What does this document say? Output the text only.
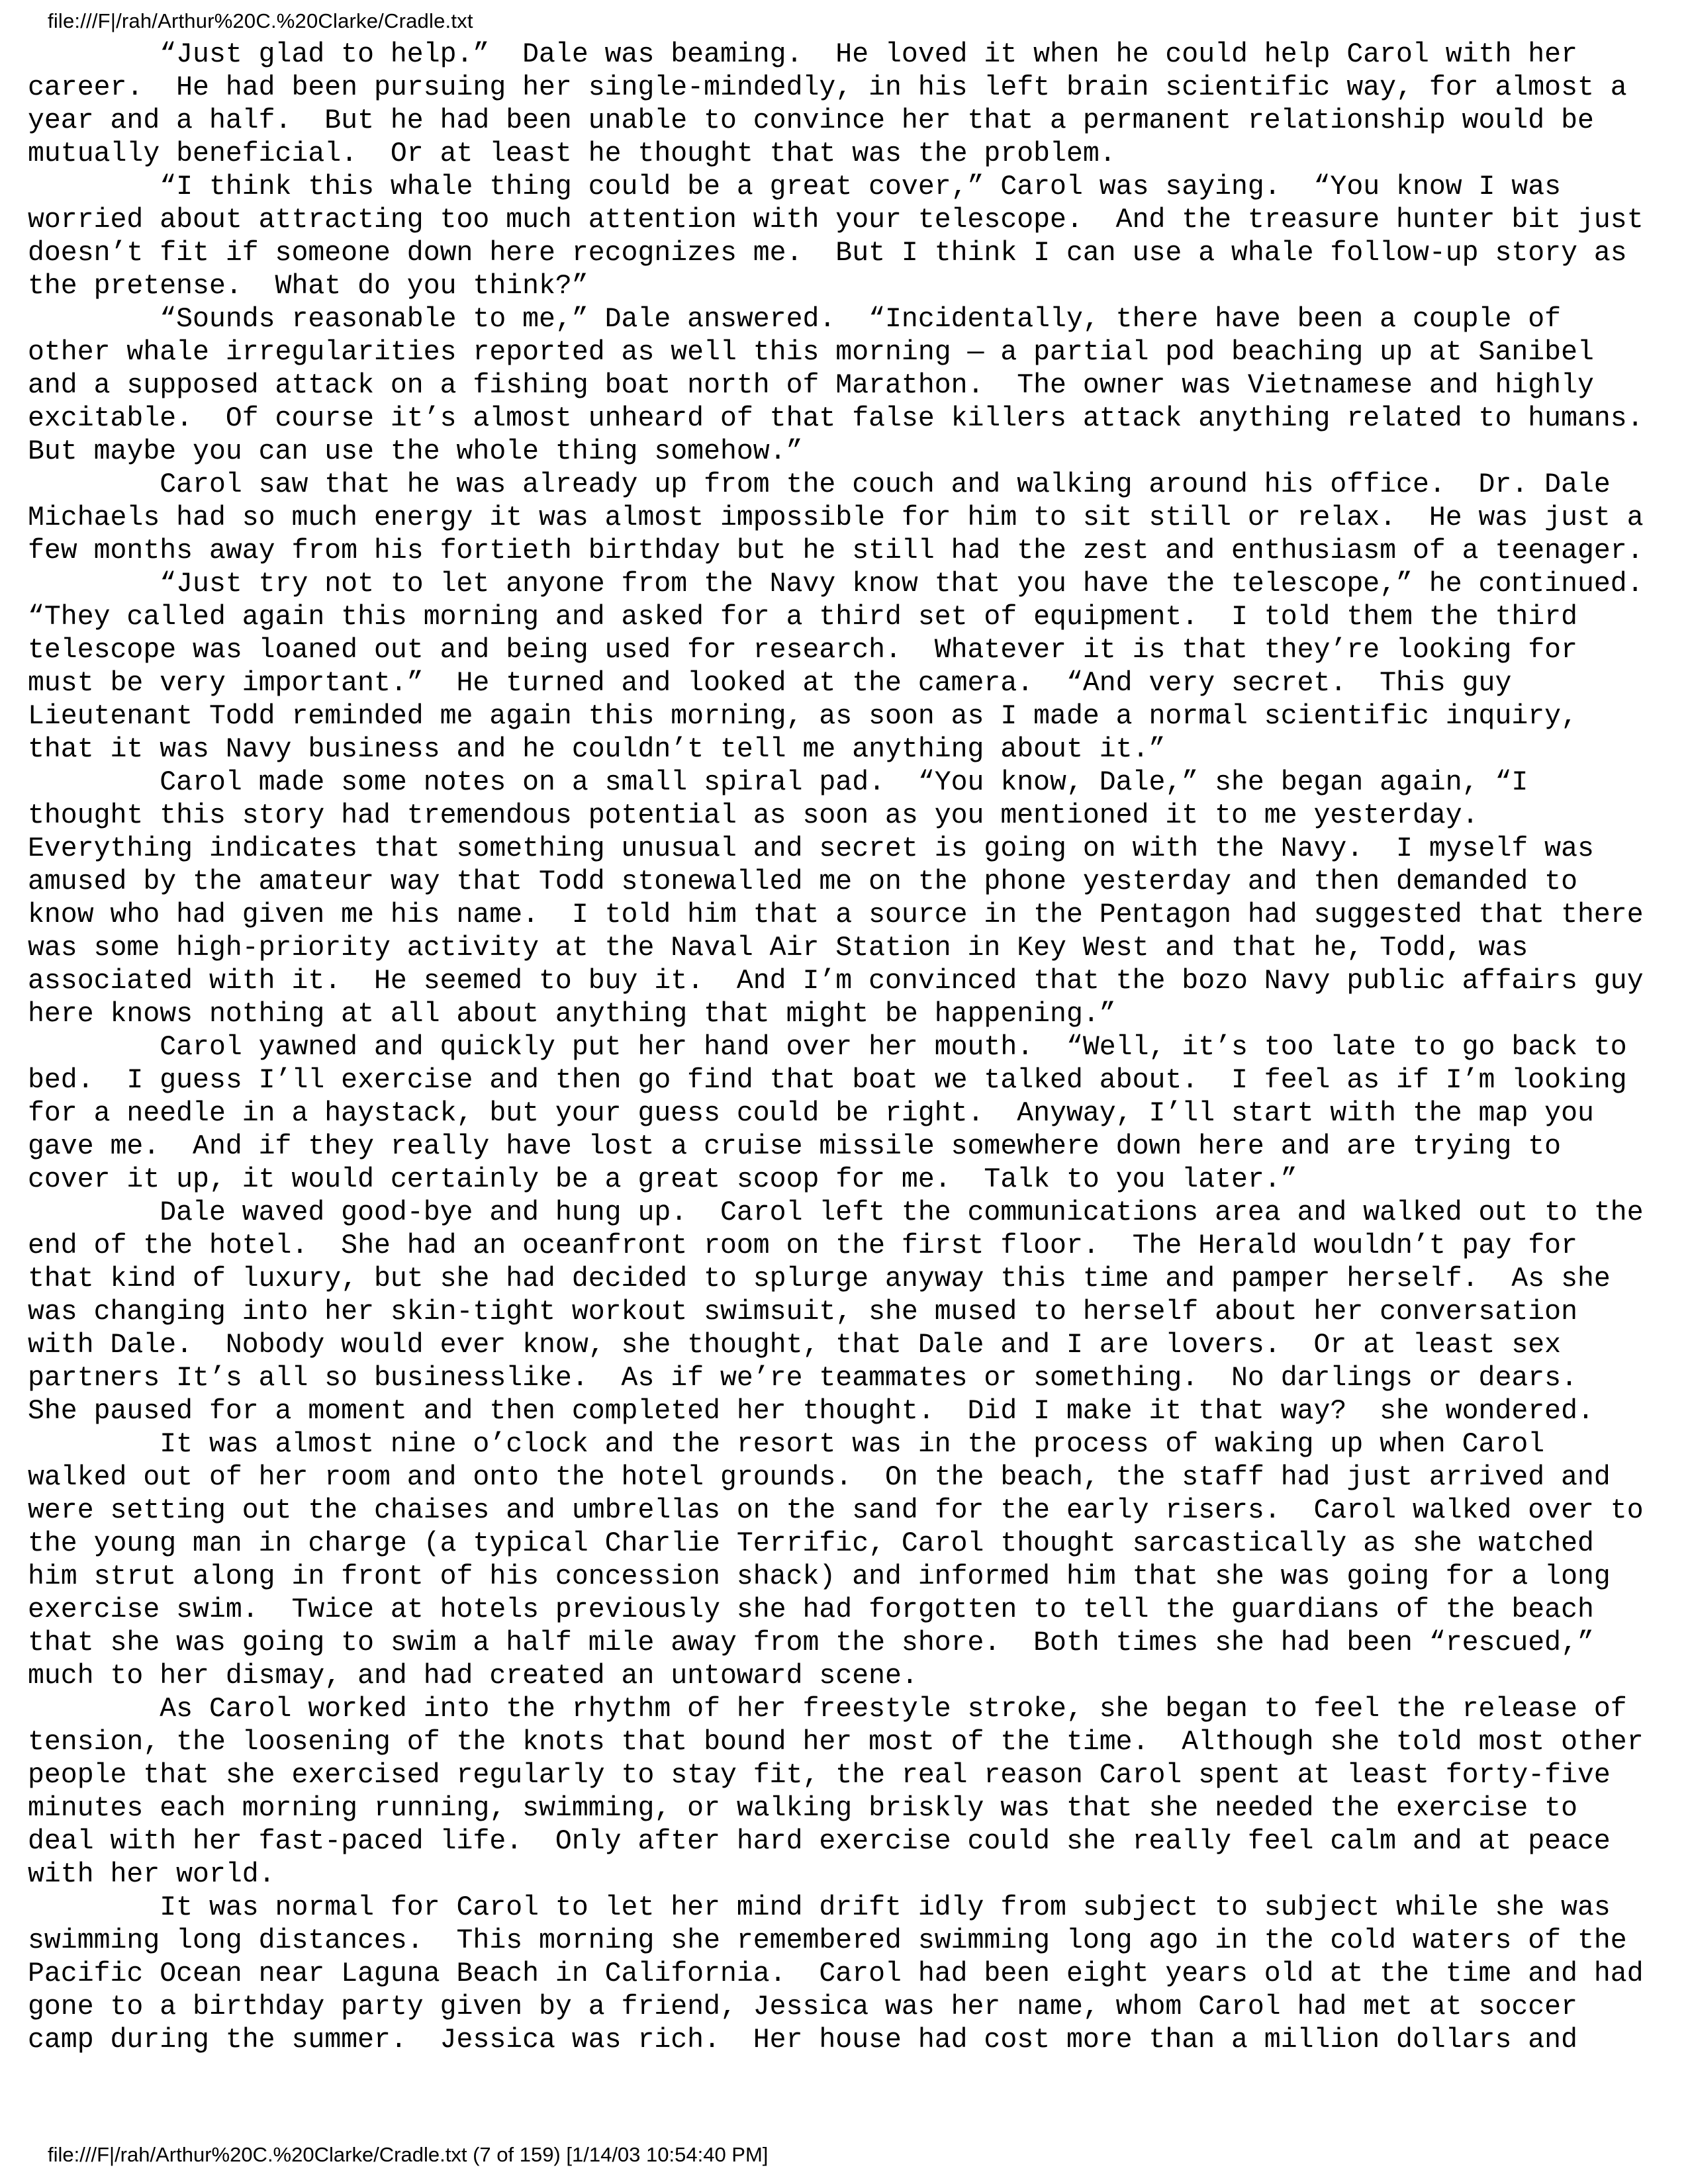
file:///F|/rah/Arthur%20C.%20Clarke/Cradle.txt
“Just glad to help.”  Dale was beaming.  He loved it when he could help Carol with her
career.  He had been pursuing her single-mindedly, in his left brain scientific way, for almost a
year and a half.  But he had been unable to convince her that a permanent relationship would be
mutually beneficial.  Or at least he thought that was the problem.
“I think this whale thing could be a great cover,” Carol was saying.  “You know I was
worried about attracting too much attention with your telescope.  And the treasure hunter bit just
doesn’t fit if someone down here recognizes me.  But I think I can use a whale follow-up story as
the pretense.  What do you think?”
“Sounds reasonable to me,” Dale answered.  “Incidentally, there have been a couple of
other whale irregularities reported as well this morning — a partial pod beaching up at Sanibel
and a supposed attack on a fishing boat north of Marathon.  The owner was Vietnamese and highly
excitable.  Of course it’s almost unheard of that false killers attack anything related to humans.
But maybe you can use the whole thing somehow.”
Carol saw that he was already up from the couch and walking around his office.  Dr. Dale
Michaels had so much energy it was almost impossible for him to sit still or relax.  He was just a
few months away from his fortieth birthday but he still had the zest and enthusiasm of a teenager.
“Just try not to let anyone from the Navy know that you have the telescope,” he continued.
“They called again this morning and asked for a third set of equipment.  I told them the third
telescope was loaned out and being used for research.  Whatever it is that they’re looking for
must be very important.”  He turned and looked at the camera.  “And very secret.  This guy
Lieutenant Todd reminded me again this morning, as soon as I made a normal scientific inquiry,
that it was Navy business and he couldn’t tell me anything about it.”
Carol made some notes on a small spiral pad.  “You know, Dale,” she began again, “I
thought this story had tremendous potential as soon as you mentioned it to me yesterday.
Everything indicates that something unusual and secret is going on with the Navy.  I myself was
amused by the amateur way that Todd stonewalled me on the phone yesterday and then demanded to
know who had given me his name.  I told him that a source in the Pentagon had suggested that there
was some high-priority activity at the Naval Air Station in Key West and that he, Todd, was
associated with it.  He seemed to buy it.  And I’m convinced that the bozo Navy public affairs guy
here knows nothing at all about anything that might be happening.”
Carol yawned and quickly put her hand over her mouth.  “Well, it’s too late to go back to
bed.  I guess I’ll exercise and then go find that boat we talked about.  I feel as if I’m looking
for a needle in a haystack, but your guess could be right.  Anyway, I’ll start with the map you
gave me.  And if they really have lost a cruise missile somewhere down here and are trying to
cover it up, it would certainly be a great scoop for me.  Talk to you later.”
Dale waved good-bye and hung up.  Carol left the communications area and walked out to the
end of the hotel.  She had an oceanfront room on the first floor.  The Herald wouldn’t pay for
that kind of luxury, but she had decided to splurge anyway this time and pamper herself.  As she
was changing into her skin-tight workout swimsuit, she mused to herself about her conversation
with Dale.  Nobody would ever know, she thought, that Dale and I are lovers.  Or at least sex
partners It’s all so businesslike.  As if we’re teammates or something.  No darlings or dears.
She paused for a moment and then completed her thought.  Did I make it that way?  she wondered.
It was almost nine o’clock and the resort was in the process of waking up when Carol
walked out of her room and onto the hotel grounds.  On the beach, the staff had just arrived and
were setting out the chaises and umbrellas on the sand for the early risers.  Carol walked over to
the young man in charge (a typical Charlie Terrific, Carol thought sarcastically as she watched
him strut along in front of his concession shack) and informed him that she was going for a long
exercise swim.  Twice at hotels previously she had forgotten to tell the guardians of the beach
that she was going to swim a half mile away from the shore.  Both times she had been “rescued,”
much to her dismay, and had created an untoward scene.
As Carol worked into the rhythm of her freestyle stroke, she began to feel the release of
tension, the loosening of the knots that bound her most of the time.  Although she told most other
people that she exercised regularly to stay fit, the real reason Carol spent at least forty-five
minutes each morning running, swimming, or walking briskly was that she needed the exercise to
deal with her fast-paced life.  Only after hard exercise could she really feel calm and at peace
with her world.
It was normal for Carol to let her mind drift idly from subject to subject while she was
swimming long distances.  This morning she remembered swimming long ago in the cold waters of the
Pacific Ocean near Laguna Beach in California.  Carol had been eight years old at the time and had
gone to a birthday party given by a friend, Jessica was her name, whom Carol had met at soccer
camp during the summer.  Jessica was rich.  Her house had cost more than a million dollars and
file:///F|/rah/Arthur%20C.%20Clarke/Cradle.txt (7 of 159) [1/14/03 10:54:40 PM]
